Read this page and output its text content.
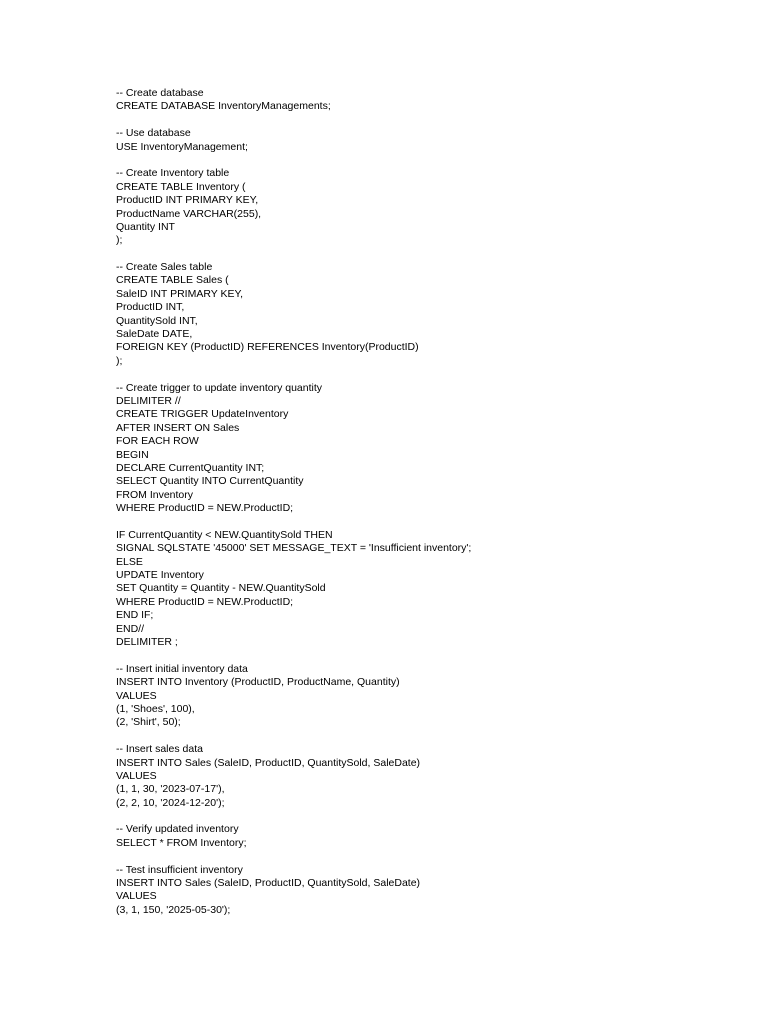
-- Create database
CREATE DATABASE InventoryManagements;
-- Use database
USE InventoryManagement;
-- Create Inventory table
CREATE TABLE Inventory (
ProductID INT PRIMARY KEY,
ProductName VARCHAR(255),
Quantity INT
);
-- Create Sales table
CREATE TABLE Sales (
SaleID INT PRIMARY KEY,
ProductID INT,
QuantitySold INT,
SaleDate DATE,
FOREIGN KEY (ProductID) REFERENCES Inventory(ProductID)
);
-- Create trigger to update inventory quantity
DELIMITER //
CREATE TRIGGER UpdateInventory
AFTER INSERT ON Sales
FOR EACH ROW
BEGIN
DECLARE CurrentQuantity INT;
SELECT Quantity INTO CurrentQuantity
FROM Inventory
WHERE ProductID = NEW.ProductID;
IF CurrentQuantity < NEW.QuantitySold THEN
SIGNAL SQLSTATE '45000' SET MESSAGE_TEXT = 'Insufficient inventory';
ELSE
UPDATE Inventory
SET Quantity = Quantity - NEW.QuantitySold
WHERE ProductID = NEW.ProductID;
END IF;
END//
DELIMITER ;
-- Insert initial inventory data
INSERT INTO Inventory (ProductID, ProductName, Quantity)
VALUES
(1, 'Shoes', 100),
(2, 'Shirt', 50);
-- Insert sales data
INSERT INTO Sales (SaleID, ProductID, QuantitySold, SaleDate)
VALUES
(1, 1, 30, '2023-07-17'),
(2, 2, 10, '2024-12-20');
-- Verify updated inventory
SELECT * FROM Inventory;
-- Test insufficient inventory
INSERT INTO Sales (SaleID, ProductID, QuantitySold, SaleDate)
VALUES
(3, 1, 150, '2025-05-30');
